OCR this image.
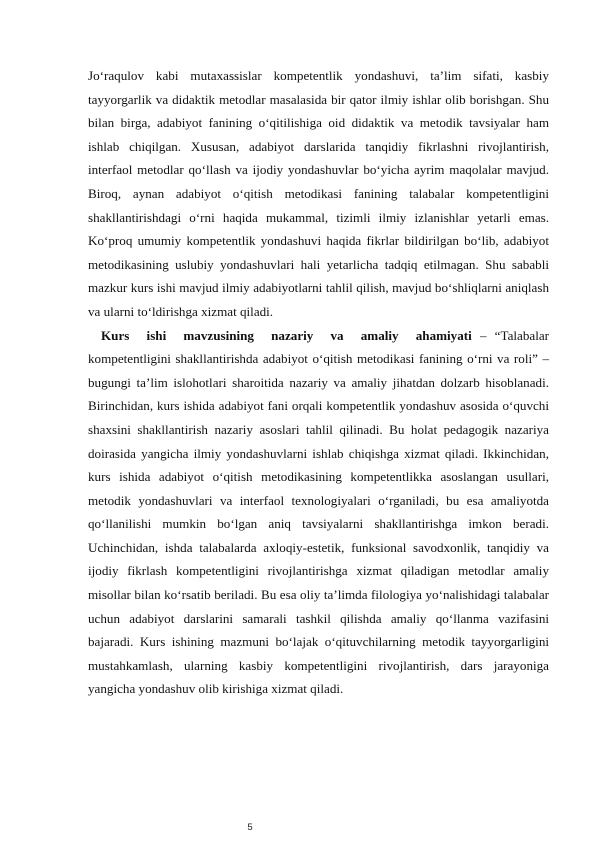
Jo‘raqulov kabi mutaxassislar kompetentlik yondashuvi, ta’lim sifati, kasbiy tayyorgarlik va didaktik metodlar masalasida bir qator ilmiy ishlar olib borishgan. Shu bilan birga, adabiyot fanining o‘qitilishiga oid didaktik va metodik tavsiyalar ham ishlab chiqilgan. Xususan, adabiyot darslarida tanqidiy fikrlashni rivojlantirish, interfaol metodlar qo‘llash va ijodiy yondashuvlar bo‘yicha ayrim maqolalar mavjud. Biroq, aynan adabiyot o‘qitish metodikasi fanining talabalar kompetentligini shakllantirishdagi o‘rni haqida mukammal, tizimli ilmiy izlanishlar yetarli emas. Ko‘proq umumiy kompetentlik yondashuvi haqida fikrlar bildirilgan bo‘lib, adabiyot metodikasining uslubiy yondashuvlari hali yetarlicha tadqiq etilmagan. Shu sababli mazkur kurs ishi mavjud ilmiy adabiyotlarni tahlil qilish, mavjud bo‘shliqlarni aniqlash va ularni to‘ldirishga xizmat qiladi.

Kurs ishi mavzusining nazariy va amaliy ahamiyati – “Talabalar kompetentligini shakllantirishda adabiyot o‘qitish metodikasi fanining o‘rni va roli” – bugungi ta’lim islohotlari sharoitida nazariy va amaliy jihatdan dolzarb hisoblanadi. Birinchidan, kurs ishida adabiyot fani orqali kompetentlik yondashuv asosida o‘quvchi shaxsini shakllantirish nazariy asoslari tahlil qilinadi. Bu holat pedagogik nazariya doirasida yangicha ilmiy yondashuvlarni ishlab chiqishga xizmat qiladi. Ikkinchidan, kurs ishida adabiyot o‘qitish metodikasining kompetentlikka asoslangan usullari, metodik yondashuvlari va interfaol texnologiyalari o‘rganiladi, bu esa amaliyotda qo‘llanilishi mumkin bo‘lgan aniq tavsiyalarni shakllantirishga imkon beradi. Uchinchidan, ishda talabalarda axloqiy-estetik, funksional savodxonlik, tanqidiy va ijodiy fikrlash kompetentligini rivojlantirishga xizmat qiladigan metodlar amaliy misollar bilan ko‘rsatib beriladi. Bu esa oliy ta’limda filologiya yo‘nalishidagi talabalar uchun adabiyot darslarini samarali tashkil qilishda amaliy qo‘llanma vazifasini bajaradi. Kurs ishining mazmuni bo‘lajak o‘qituvchilarning metodik tayyorgarligini mustahkamlash, ularning kasbiy kompetentligini rivojlantirish, dars jarayoniga yangicha yondashuv olib kirishiga xizmat qiladi.

5
